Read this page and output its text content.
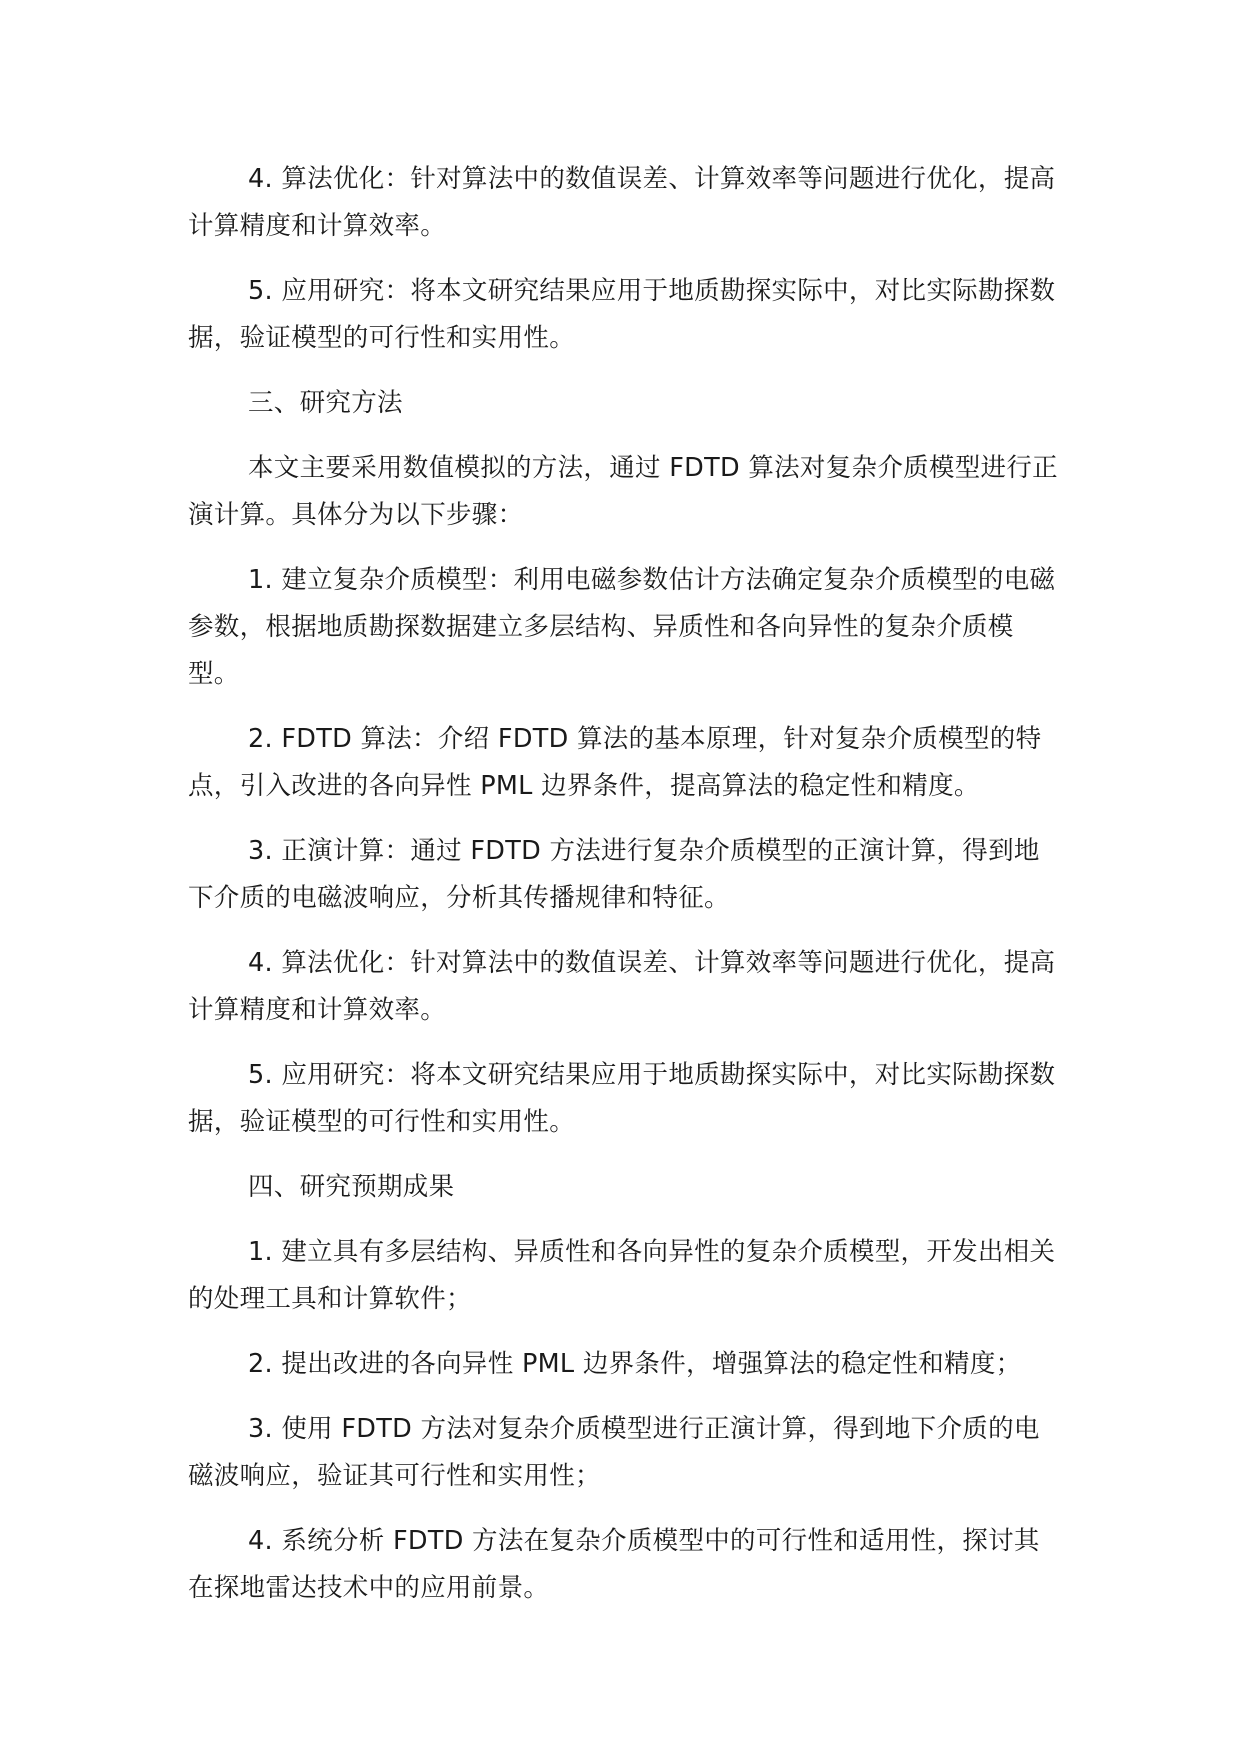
4. 算法优化：针对算法中的数值误差、计算效率等问题进行优化，提高计算精度和计算效率。

5. 应用研究：将本文研究结果应用于地质勘探实际中，对比实际勘探数据，验证模型的可行性和实用性。

三、研究方法

本文主要采用数值模拟的方法，通过 FDTD 算法对复杂介质模型进行正演计算。具体分为以下步骤：

1. 建立复杂介质模型：利用电磁参数估计方法确定复杂介质模型的电磁参数，根据地质勘探数据建立多层结构、异质性和各向异性的复杂介质模型。

2. FDTD 算法：介绍 FDTD 算法的基本原理，针对复杂介质模型的特点，引入改进的各向异性 PML 边界条件，提高算法的稳定性和精度。

3. 正演计算：通过 FDTD 方法进行复杂介质模型的正演计算，得到地下介质的电磁波响应，分析其传播规律和特征。

4. 算法优化：针对算法中的数值误差、计算效率等问题进行优化，提高计算精度和计算效率。

5. 应用研究：将本文研究结果应用于地质勘探实际中，对比实际勘探数据，验证模型的可行性和实用性。

四、研究预期成果

1. 建立具有多层结构、异质性和各向异性的复杂介质模型，开发出相关的处理工具和计算软件；

2. 提出改进的各向异性 PML 边界条件，增强算法的稳定性和精度；

3. 使用 FDTD 方法对复杂介质模型进行正演计算，得到地下介质的电磁波响应，验证其可行性和实用性；

4. 系统分析 FDTD 方法在复杂介质模型中的可行性和适用性，探讨其在探地雷达技术中的应用前景。
